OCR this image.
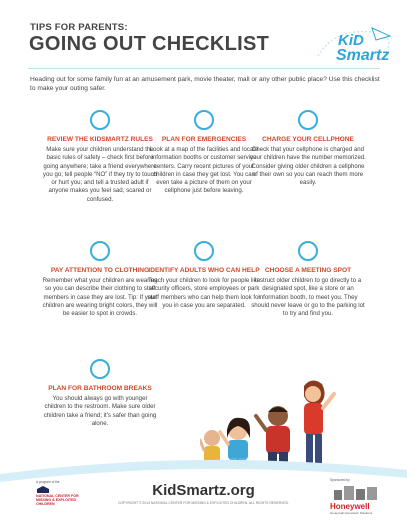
TIPS FOR PARENTS:
GOING OUT CHECKLIST	KiD
Smartz
Heading out for some family fun at an amusement park, movie theater, mall or any other public place? Use this checklist to make your outing safer.
REVIEW THE KIDSMARTZ RULES
Make sure your children understand the basic rules of safety – check first before going anywhere; take a friend everywhere you go; tell people “NO” if they try to touch or hurt you; and tell a trusted adult if anyone makes you feel sad, scared or confused.
PLAN FOR EMERGENCIES
Look at a map of the facilities and locate information booths or customer service centers. Carry recent pictures of your children in case they get lost. You can even take a picture of them on your cellphone just before leaving.
CHARGE YOUR CELLPHONE
Check that your cellphone is charged and your children have the number memorized. Consider giving older children a cellphone of their own so you can reach them more easily.
PAY ATTENTION TO CLOTHING
Remember what your children are wearing so you can describe their clothing to staff members in case they are lost. Tip: If your children are wearing bright colors, they will be easier to spot in crowds.
IDENTIFY ADULTS WHO CAN HELP
Teach your children to look for people like security officers, store employees or park staff members who can help them look for you in case you are separated.
CHOOSE A MEETING SPOT
Instruct older children to go directly to a designated spot, like a store or an information booth, to meet you. They should never leave or go to the parking lot to try and find you.
PLAN FOR BATHROOM BREAKS
You should always go with younger children to the restroom. Make sure older children take a friend; it's safer than going alone.
A program of the
NATIONAL CENTER FOR MISSING & EXPLOITED CHILDREN
KidSmartz.org
COPYRIGHT © 2014 NATIONAL CENTER FOR MISSING & EXPLOITED CHILDREN. ALL RIGHTS RESERVED.
Sponsored by
Honeywell
Honeywell Hometown Solutions
